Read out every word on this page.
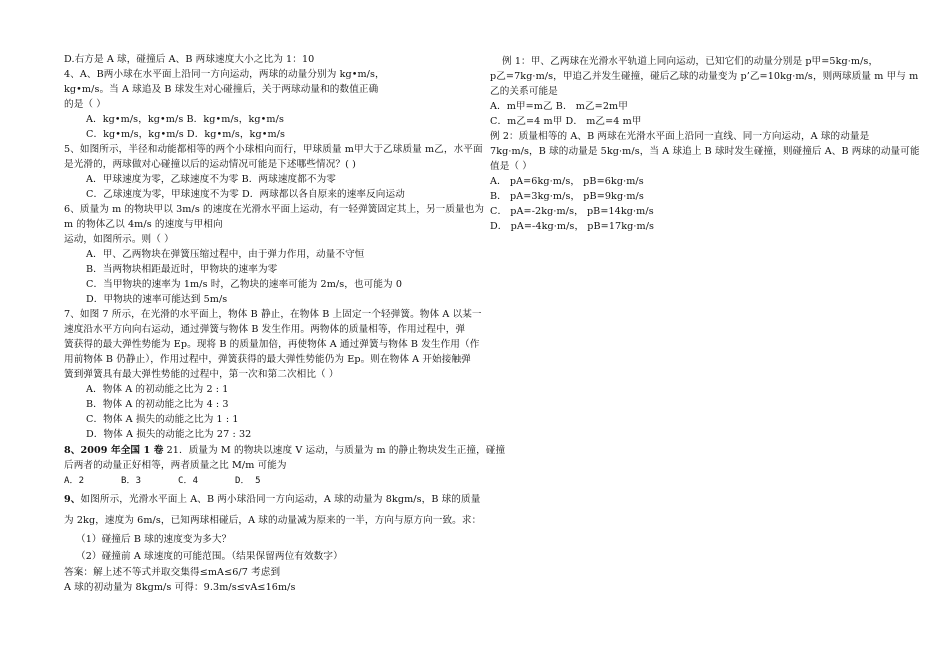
D.右方是 A 球，碰撞后 A、B 两球速度大小之比为 1：10
4、A、B两小球在水平面上沿同一方向运动，两球的动量分别为 kg•m/s，
kg•m/s。当 A 球追及 B 球发生对心碰撞后，关于两球动量和的数值正确
的是（ ）
A．kg•m/s，kg•m/s B．kg•m/s，kg•m/s
C．kg•m/s，kg•m/s D．kg•m/s，kg•m/s
5、如图所示，半径和动能都相等的两个小球相向而行，甲球质量 m甲大于乙球质量 m乙，水平面
是光滑的，两球做对心碰撞以后的运动情况可能是下述哪些情况？( )
A．甲球速度为零，乙球速度不为零 B．两球速度都不为零
C．乙球速度为零，甲球速度不为零 D．两球都以各自原来的速率反向运动
6、质量为 m 的物块甲以 3m/s 的速度在光滑水平面上运动，有一轻弹簧固定其上，另一质量也为
m 的物体乙以 4m/s 的速度与甲相向
运动，如图所示。则（ ）
A．甲、乙两物块在弹簧压缩过程中，由于弹力作用，动量不守恒
B．当两物块相距最近时，甲物块的速率为零
C．当甲物块的速率为 1m/s 时，乙物块的速率可能为 2m/s，也可能为 0
D．甲物块的速率可能达到 5m/s
7、如图 7 所示，在光滑的水平面上，物体 B 静止，在物体 B 上固定一个轻弹簧。物体 A 以某一
速度沿水平方向向右运动，通过弹簧与物体 B 发生作用。两物体的质量相等，作用过程中，弹
簧获得的最大弹性势能为 Ep。现将 B 的质量加倍，再使物体 A 通过弹簧与物体 B 发生作用（作
用前物体 B 仍静止），作用过程中，弹簧获得的最大弹性势能仍为 Ep。则在物体 A 开始接触弹
簧到弹簧具有最大弹性势能的过程中，第一次和第二次相比（ ）
A．物体 A 的初动能之比为 2 : 1
B．物体 A 的初动能之比为 4 : 3
C．物体 A 损失的动能之比为 1 : 1
D．物体 A 损失的动能之比为 27 : 32
8、2009 年全国 1 卷 21．质量为 M 的物块以速度 V 运动，与质量为 m 的静止物块发生正撞，碰撞
后两者的动量正好相等，两者质量之比 M/m 可能为
A．2	B．3	C．4	D． 5
9、如图所示，光滑水平面上 A、B 两小球沿同一方向运动，A 球的动量为 8kgm/s，B 球的质量
为 2kg，速度为 6m/s，已知两球相碰后，A 球的动量减为原来的一半，方向与原方向一致。求：
（1）碰撞后 B 球的速度变为多大？
（2）碰撞前 A 球速度的可能范围。（结果保留两位有效数字）
答案：解上述不等式并取交集得≤mA≤6/7 考虑到
A 球的初动量为 8kgm/s 可得：9.3m/s≤vA≤16m/s
例 1：甲、乙两球在光滑水平轨道上同向运动，已知它们的动量分别是 p甲=5kg·m/s，
p乙=7kg·m/s，甲追乙并发生碰撞，碰后乙球的动量变为 p’乙=10kg·m/s，则两球质量 m 甲与 m
乙的关系可能是
A．m甲=m乙 B． m乙=2m甲
C．m乙=4 m甲 D． m乙=4 m甲
例 2：质量相等的 A、B 两球在光滑水平面上沿同一直线、同一方向运动，A 球的动量是
7kg·m/s，B 球的动量是 5kg·m/s，当 A 球追上 B 球时发生碰撞，则碰撞后 A、B 两球的动量可能
值是（ ）
A． pA=6kg·m/s， pB=6kg·m/s
B． pA=3kg·m/s， pB=9kg·m/s
C． pA=-2kg·m/s， pB=14kg·m/s
D． pA=-4kg·m/s， pB=17kg·m/s
